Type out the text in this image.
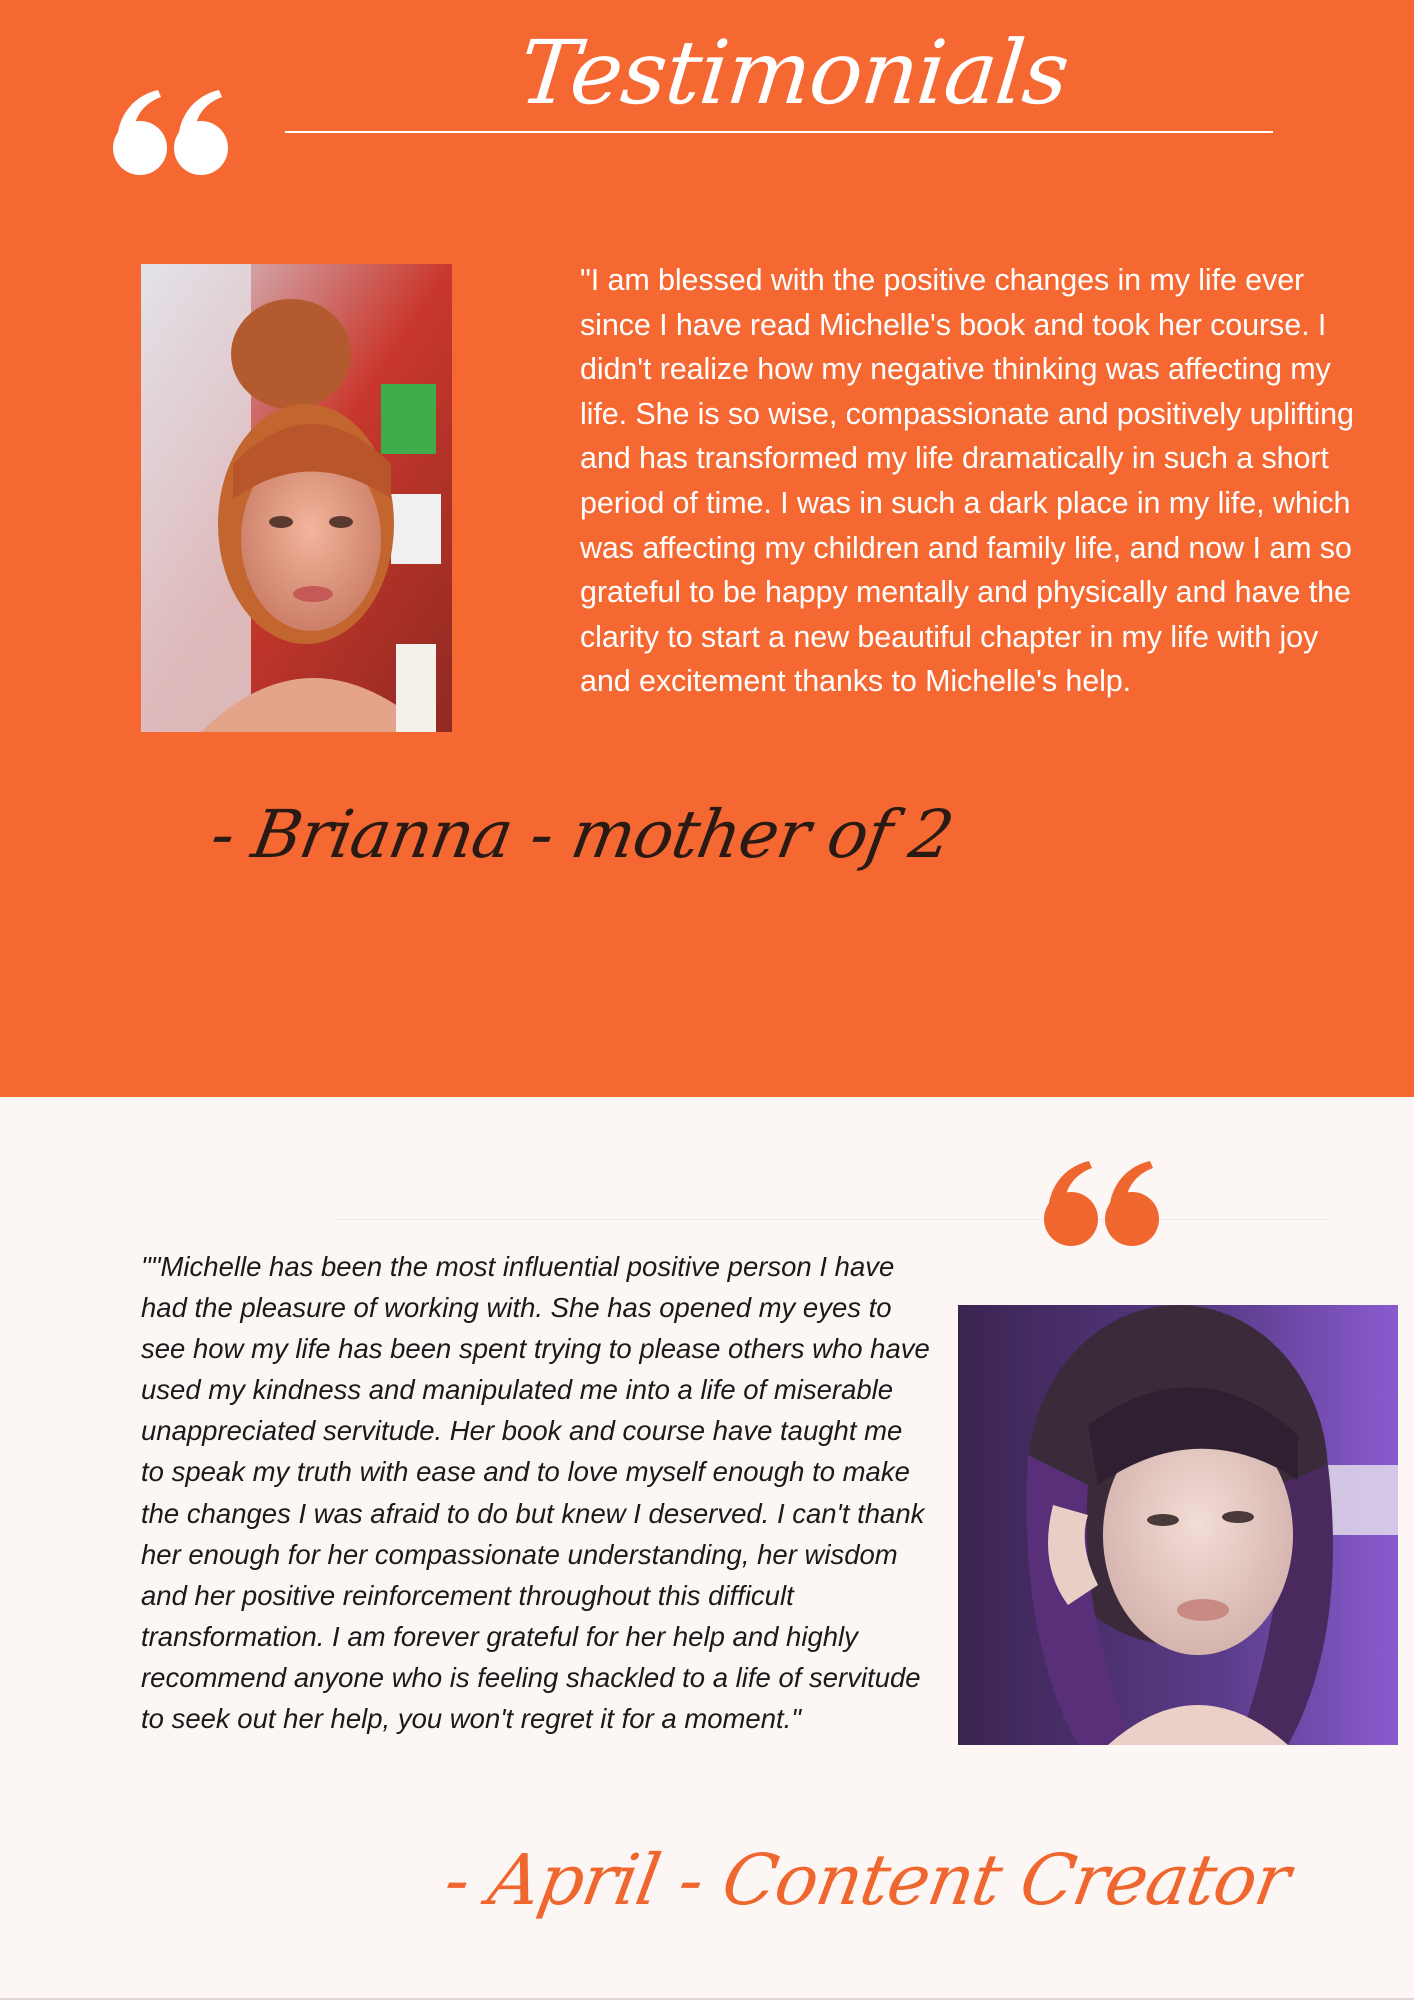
Testimonials

"I am blessed with the positive changes in my life ever since I have read Michelle's book and took her course. I didn't realize how my negative thinking was affecting my life. She is so wise, compassionate and positively uplifting and has transformed my life dramatically in such a short period of time. I was in such a dark place in my life, which was affecting my children and family life, and now I am so grateful to be happy mentally and physically and have the clarity to start a new beautiful chapter in my life with joy and excitement thanks to Michelle's help.

- Brianna - mother of 2

""Michelle has been the most influential positive person I have had the pleasure of working with. She has opened my eyes to see how my life has been spent trying to please others who have used my kindness and manipulated me into a life of miserable unappreciated servitude. Her book and course have taught me to speak my truth with ease and to love myself enough to make the changes I was afraid to do but knew I deserved. I can't thank her enough for her compassionate understanding, her wisdom and her positive reinforcement throughout this difficult transformation. I am forever grateful for her help and highly recommend anyone who is feeling shackled to a life of servitude to seek out her help, you won't regret it for a moment."

- April - Content Creator
